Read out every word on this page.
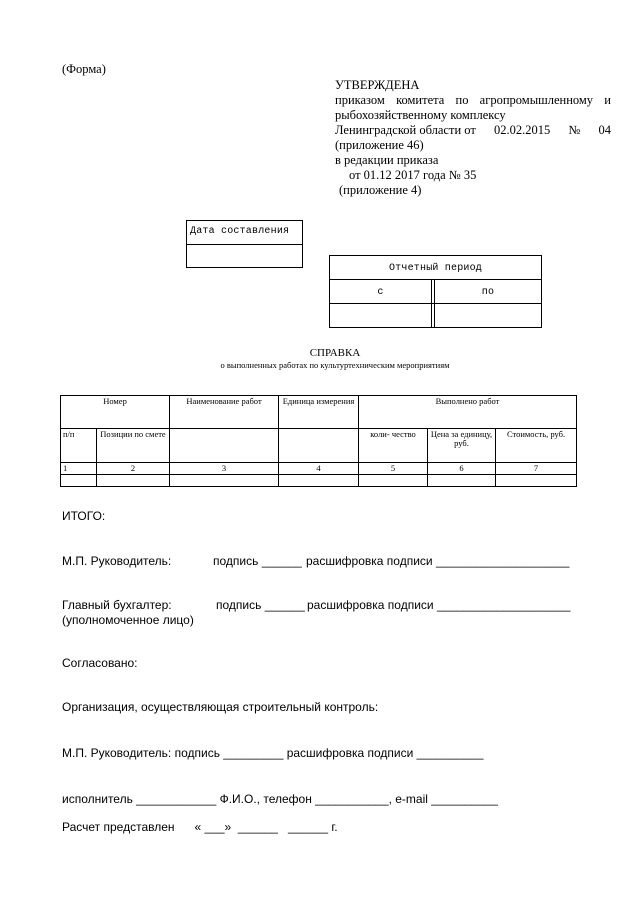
(Форма)
УТВЕРЖДЕНА
приказом комитета по агропромышленному и
рыбохозяйственному комплексу
Ленинградской области от 02.02.2015 № 04
(приложение 46)
в редакции приказа
от 01.12 2017 года № 35
(приложение 4)
Дата составления
Отчетный период
с	по
СПРАВКА
о выполненных работах по культуртехническим мероприятиям
Номер		Наименование работ	Единица измерения	Выполнено работ		
п/п	Позиции по смете			коли- чество	Цена за единицу, руб.	Стоимость, руб.
1	2	3	4	5	6	7

ИТОГО:
М.П. Руководитель:	подпись ______ расшифровка подписи ____________________
Главный бухгалтер:	подпись ______ расшифровка подписи ____________________
(уполномоченное лицо)
Согласовано:
Организация, осуществляющая строительный контроль:
М.П. Руководитель: подпись _________ расшифровка подписи __________
исполнитель ____________ Ф.И.О., телефон ___________, e-mail __________
Расчет представлен      « ___»  ______   ______ г.
